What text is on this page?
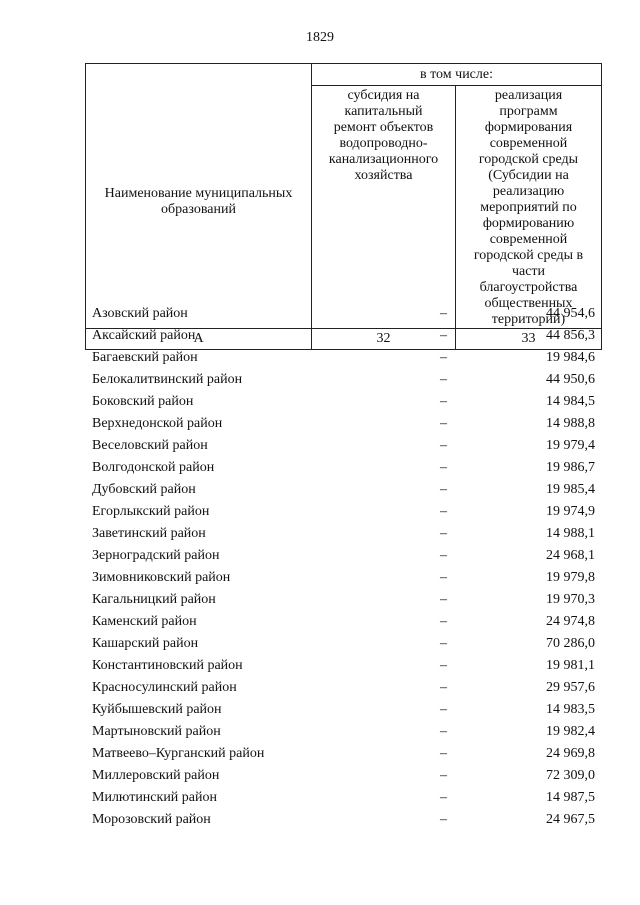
1829
Наименование муниципальных образований	в том числе:	

	субсидия на капитальный ремонт объектов водопроводно-канализационного хозяйства	реализация программ формирования современной городской среды (Субсидии на реализацию мероприятий по формированию современной городской среды в части благоустройства общественных территорий)

А	32	33
Азовский район	–	44 954,6
Аксайский район	–	44 856,3
Багаевский район	–	19 984,6
Белокалитвинский район	–	44 950,6
Боковский район	–	14 984,5
Верхнедонской район	–	14 988,8
Веселовский район	–	19 979,4
Волгодонской район	–	19 986,7
Дубовский район	–	19 985,4
Егорлыкский район	–	19 974,9
Заветинский район	–	14 988,1
Зерноградский район	–	24 968,1
Зимовниковский район	–	19 979,8
Кагальницкий район	–	19 970,3
Каменский район	–	24 974,8
Кашарский район	–	70 286,0
Константиновский район	–	19 981,1
Красносулинский район	–	29 957,6
Куйбышевский район	–	14 983,5
Мартыновский район	–	19 982,4
Матвеево–Курганский район	–	24 969,8
Миллеровский район	–	72 309,0
Милютинский район	–	14 987,5
Морозовский район	–	24 967,5
